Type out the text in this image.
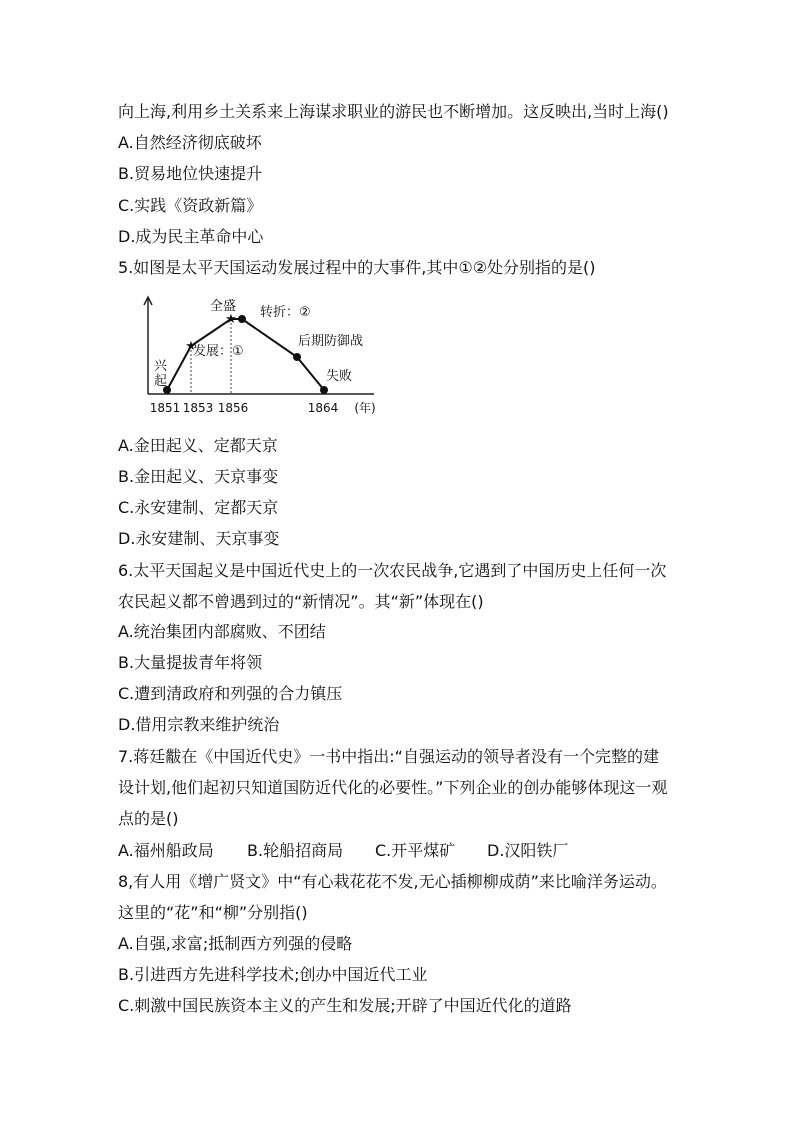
向上海,利用乡土关系来上海谋求职业的游民也不断增加。这反映出,当时上海()
A.自然经济彻底破坏
B.贸易地位快速提升
C.实践《资政新篇》
D.成为民主革命中心
5.如图是太平天国运动发展过程中的大事件,其中①②处分别指的是()
★
★
兴
起
发展：①
全盛 转折：②
后期防御战
失败
1851 1853 1856	1864 (年)
A.金田起义、定都天京
B.金田起义、天京事变
C.永安建制、定都天京
D.永安建制、天京事变
6.太平天国起义是中国近代史上的一次农民战争,它遇到了中国历史上任何一次
农民起义都不曾遇到过的“新情况”。其“新”体现在()
A.统治集团内部腐败、不团结
B.大量提拔青年将领
C.遭到清政府和列强的合力镇压
D.借用宗教来维护统治
7.蒋廷黻在《中国近代史》一书中指出:“自强运动的领导者没有一个完整的建
设计划,他们起初只知道国防近代化的必要性。”下列企业的创办能够体现这一观
点的是()
A.福州船政局 B.轮船招商局 C.开平煤矿 D.汉阳铁厂
8,有人用《增广贤文》中“有心栽花花不发,无心插柳柳成荫”来比喻洋务运动。
这里的“花”和“柳”分别指()
A.自强,求富;抵制西方列强的侵略
B.引进西方先进科学技术;创办中国近代工业
C.刺激中国民族资本主义的产生和发展;开辟了中国近代化的道路
